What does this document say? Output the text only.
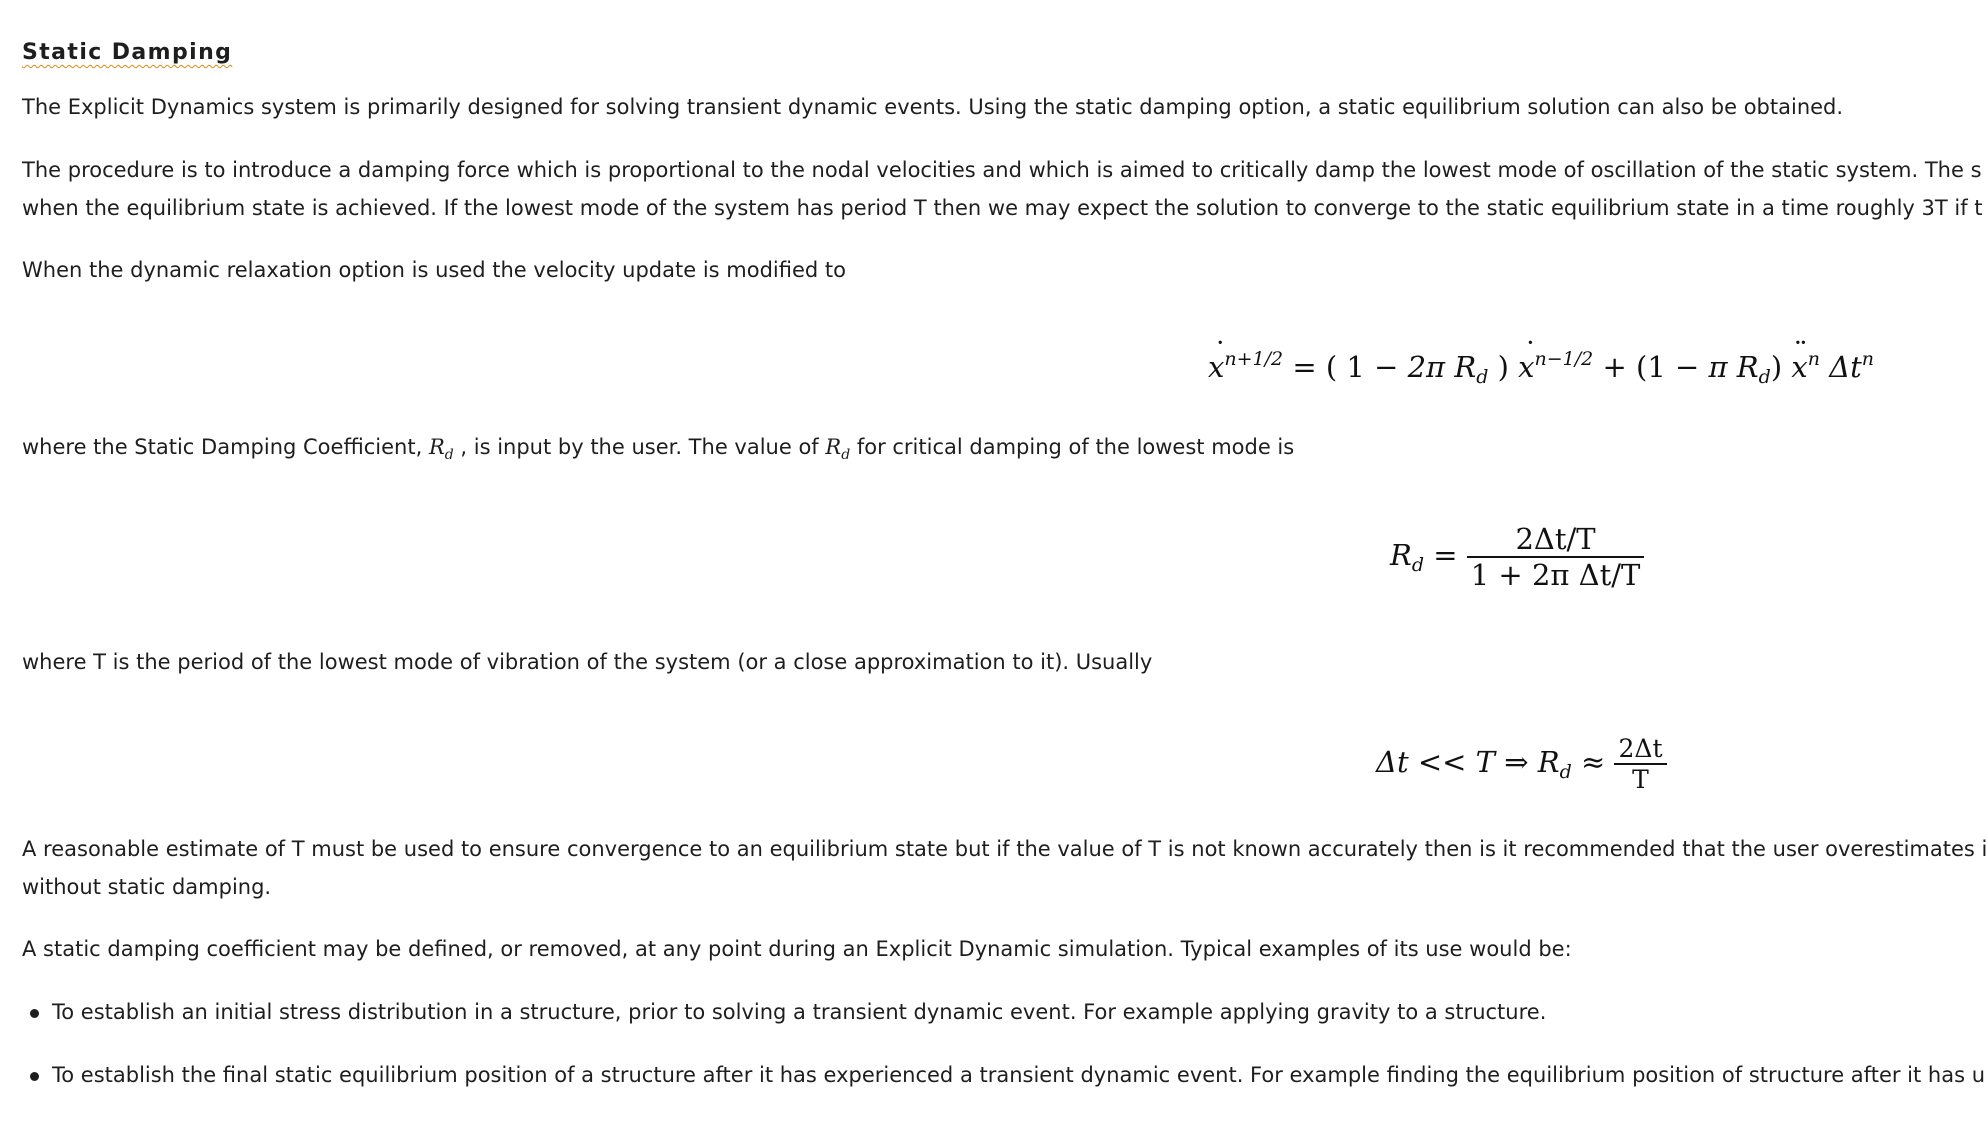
Static Damping
The Explicit Dynamics system is primarily designed for solving transient dynamic events. Using the static damping option, a static equilibrium solution can also be obtained.
The procedure is to introduce a damping force which is proportional to the nodal velocities and which is aimed to critically damp the lowest mode of oscillation of the static system. The s
when the equilibrium state is achieved. If the lowest mode of the system has period T then we may expect the solution to converge to the static equilibrium state in a time roughly 3T if t
When the dynamic relaxation option is used the velocity update is modified to
˙ $x^{n+1/2}$ = ( 1 − 2π $R_d$ ) ˙ $x^{n-1/2} + (1 - \pi$ $R_d$) ¨ $x^n$ $\Delta t^n$
where the Static Damping Coefficient, $R_d$ , is input by the user. The value of $R_d$ for critical damping of the lowest mode is
$R_d = \frac{2\Delta t/T}{\text{1 + 2π Δt/T}}$
where T is the period of the lowest mode of vibration of the system (or a close approximation to it). Usually
Δt << T ⇒ $R_d \approx \frac{2\Delta t}{T}$
A reasonable estimate of T must be used to ensure convergence to an equilibrium state but if the value of T is not known accurately then is it recommended that the user overestimates i
without static damping.
A static damping coefficient may be defined, or removed, at any point during an Explicit Dynamic simulation. Typical examples of its use would be:
To establish an initial stress distribution in a structure, prior to solving a transient dynamic event. For example applying gravity to a structure.
To establish the final static equilibrium position of a structure after it has experienced a transient dynamic event. For example finding the equilibrium position of structure after it has u
